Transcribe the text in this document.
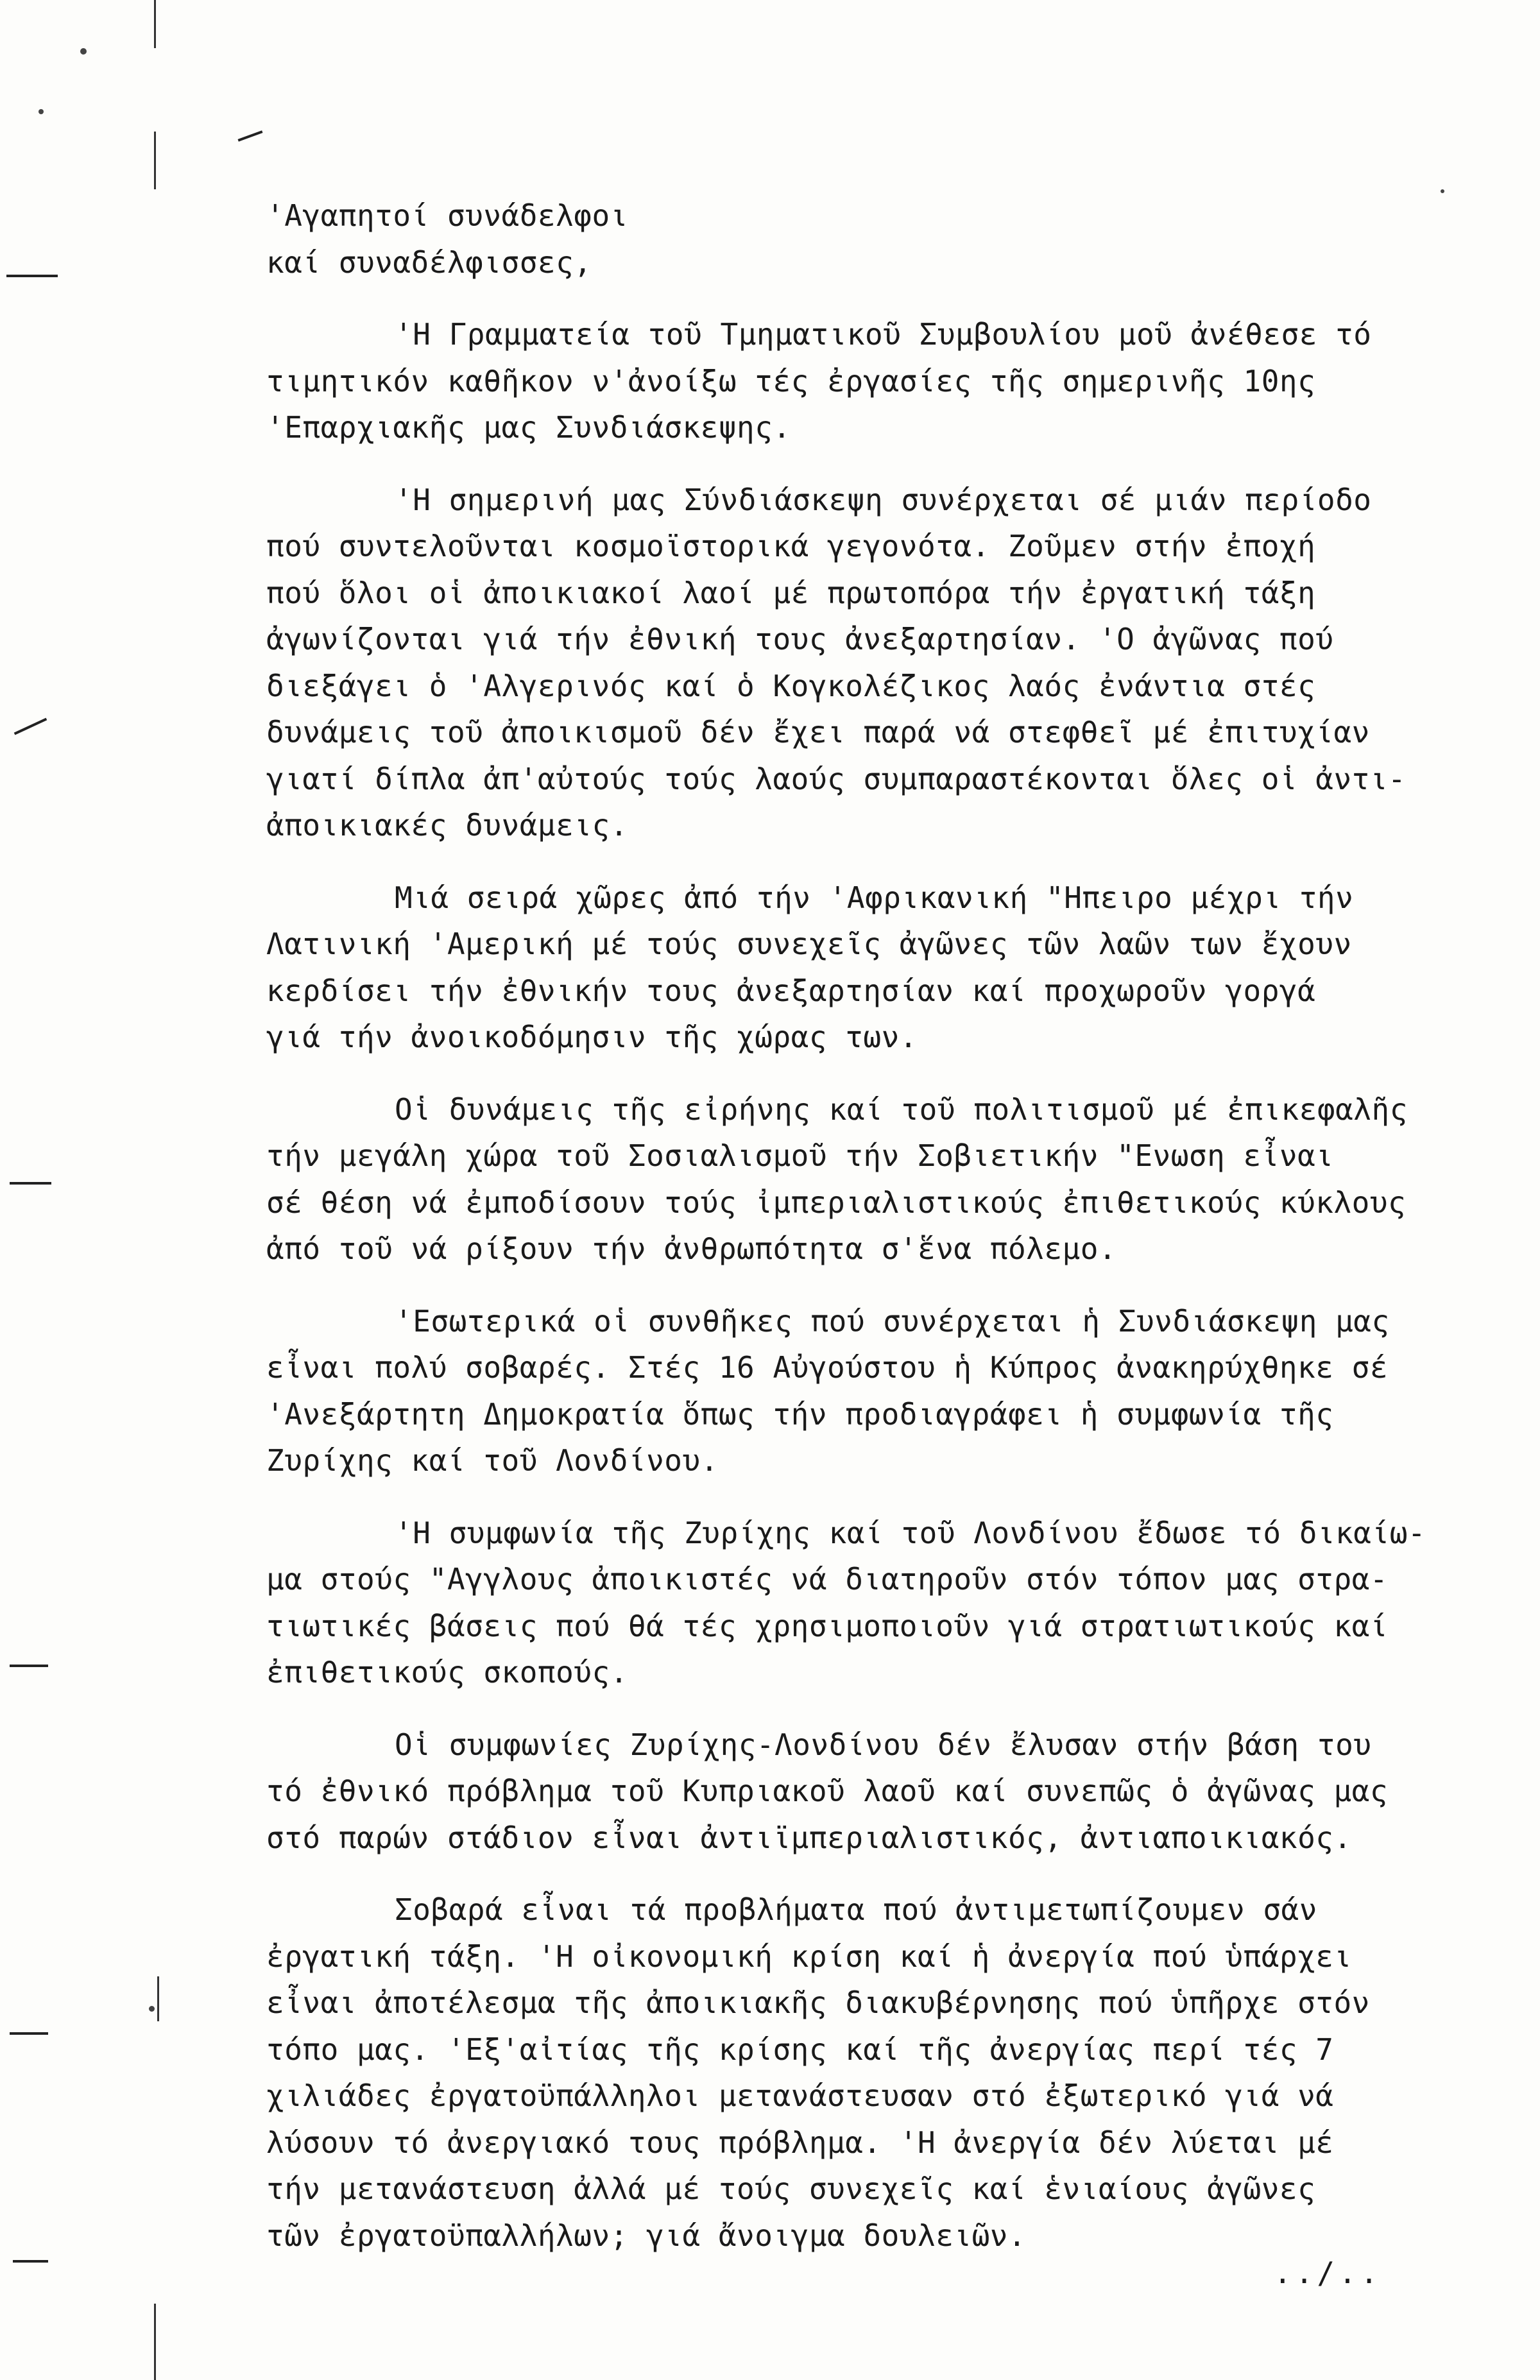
'Αγαπητοί συνάδελφοι
καί συναδέλφισσες,
'Η Γραμματεία τοῦ Τμηματικοῦ Συμβουλίου μοῦ ἀνέθεσε τό
τιμητικόν καθῆκον ν'ἀνοίξω τές ἐργασίες τῆς σημερινῆς 10ης
'Επαρχιακῆς μας Συνδιάσκεψης.
'Η σημερινή μας Σύνδιάσκεψη συνέρχεται σέ μιάν περίοδο
πού συντελοῦνται κοσμοϊστορικά γεγονότα. Ζοῦμεν στήν ἐποχή
πού ὅλοι οἱ ἀποικιακοί λαοί μέ πρωτοπόρα τήν ἐργατική τάξη
ἀγωνίζονται γιά τήν ἐθνική τους ἀνεξαρτησίαν. 'Ο ἀγῶνας πού
διεξάγει ὁ 'Αλγερινός καί ὁ Κογκολέζικος λαός ἐνάντια στές
δυνάμεις τοῦ ἀποικισμοῦ δέν ἔχει παρά νά στεφθεῖ μέ ἐπιτυχίαν
γιατί δίπλα ἀπ'αὐτούς τούς λαούς συμπαραστέκονται ὅλες οἱ ἀντι-
ἀποικιακές δυνάμεις.
Μιά σειρά χῶρες ἀπό τήν 'Αφρικανική "Ηπειρο μέχρι τήν
Λατινική 'Αμερική μέ τούς συνεχεῖς ἀγῶνες τῶν λαῶν των ἔχουν
κερδίσει τήν ἐθνικήν τους ἀνεξαρτησίαν καί προχωροῦν γοργά
γιά τήν ἀνοικοδόμησιν τῆς χώρας των.
Οἱ δυνάμεις τῆς εἰρήνης καί τοῦ πολιτισμοῦ μέ ἐπικεφαλῆς
τήν μεγάλη χώρα τοῦ Σοσιαλισμοῦ τήν Σοβιετικήν "Ενωση εἶναι
σέ θέση νά ἐμποδίσουν τούς ἰμπεριαλιστικούς ἐπιθετικούς κύκλους
ἀπό τοῦ νά ρίξουν τήν ἀνθρωπότητα σ'ἕνα πόλεμο.
'Εσωτερικά οἱ συνθῆκες πού συνέρχεται ἡ Συνδιάσκεψη μας
εἶναι πολύ σοβαρές. Στές 16 Αὐγούστου ἡ Κύπρος ἀνακηρύχθηκε σέ
'Ανεξάρτητη Δημοκρατία ὅπως τήν προδιαγράφει ἡ συμφωνία τῆς
Ζυρίχης καί τοῦ Λονδίνου.
'Η συμφωνία τῆς Ζυρίχης καί τοῦ Λονδίνου ἔδωσε τό δικαίω-
μα στούς "Αγγλους ἀποικιστές νά διατηροῦν στόν τόπον μας στρα-
τιωτικές βάσεις πού θά τές χρησιμοποιοῦν γιά στρατιωτικούς καί
ἐπιθετικούς σκοπούς.
Οἱ συμφωνίες Ζυρίχης-Λονδίνου δέν ἔλυσαν στήν βάση του
τό ἐθνικό πρόβλημα τοῦ Κυπριακοῦ λαοῦ καί συνεπῶς ὁ ἀγῶνας μας
στό παρών στάδιον εἶναι ἀντιϊμπεριαλιστικός, ἀντιαποικιακός.
Σοβαρά εἶναι τά προβλήματα πού ἀντιμετωπίζουμεν σάν
ἐργατική τάξη. 'Η οἰκονομική κρίση καί ἡ ἀνεργία πού ὑπάρχει
εἶναι ἀποτέλεσμα τῆς ἀποικιακῆς διακυβέρνησης πού ὑπῆρχε στόν
τόπο μας. 'Εξ'αἰτίας τῆς κρίσης καί τῆς ἀνεργίας περί τές 7
χιλιάδες ἐργατοϋπάλληλοι μετανάστευσαν στό ἐξωτερικό γιά νά
λύσουν τό ἀνεργιακό τους πρόβλημα. 'Η ἀνεργία δέν λύεται μέ
τήν μετανάστευση ἀλλά μέ τούς συνεχεῖς καί ἑνιαίους ἀγῶνες
τῶν ἐργατοϋπαλλήλων; γιά ἄνοιγμα δουλειῶν.
../..
